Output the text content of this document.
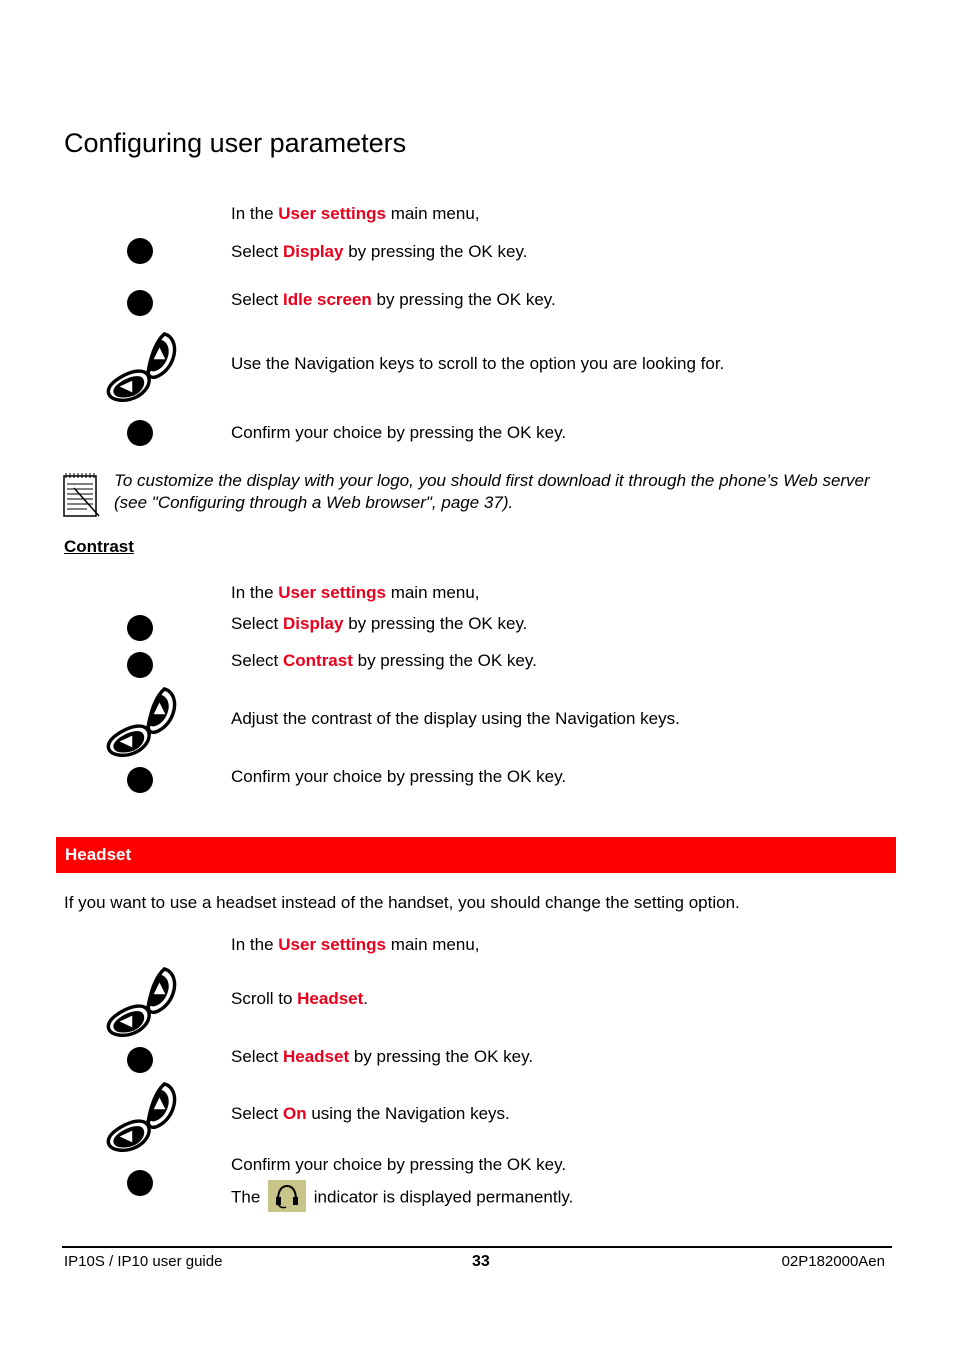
Configuring user parameters
In the User settings main menu,
Select Display by pressing the OK key.
Select Idle screen by pressing the OK key.
Use the Navigation keys to scroll to the option you are looking for.
Confirm your choice by pressing the OK key.
To customize the display with your logo, you should first download it through the phone’s Web server (see "Configuring through a Web browser", page 37).
Contrast
In the User settings main menu,
Select Display by pressing the OK key.
Select Contrast by pressing the OK key.
Adjust the contrast of the display using the Navigation keys.
Confirm your choice by pressing the OK key.
Headset
If you want to use a headset instead of the handset, you should change the setting option.
In the User settings main menu,
Scroll to Headset.
Select Headset by pressing the OK key.
Select On using the Navigation keys.
Confirm your choice by pressing the OK key.
The	indicator is displayed permanently.
IP10S / IP10 user guide	33	02P182000Aen
